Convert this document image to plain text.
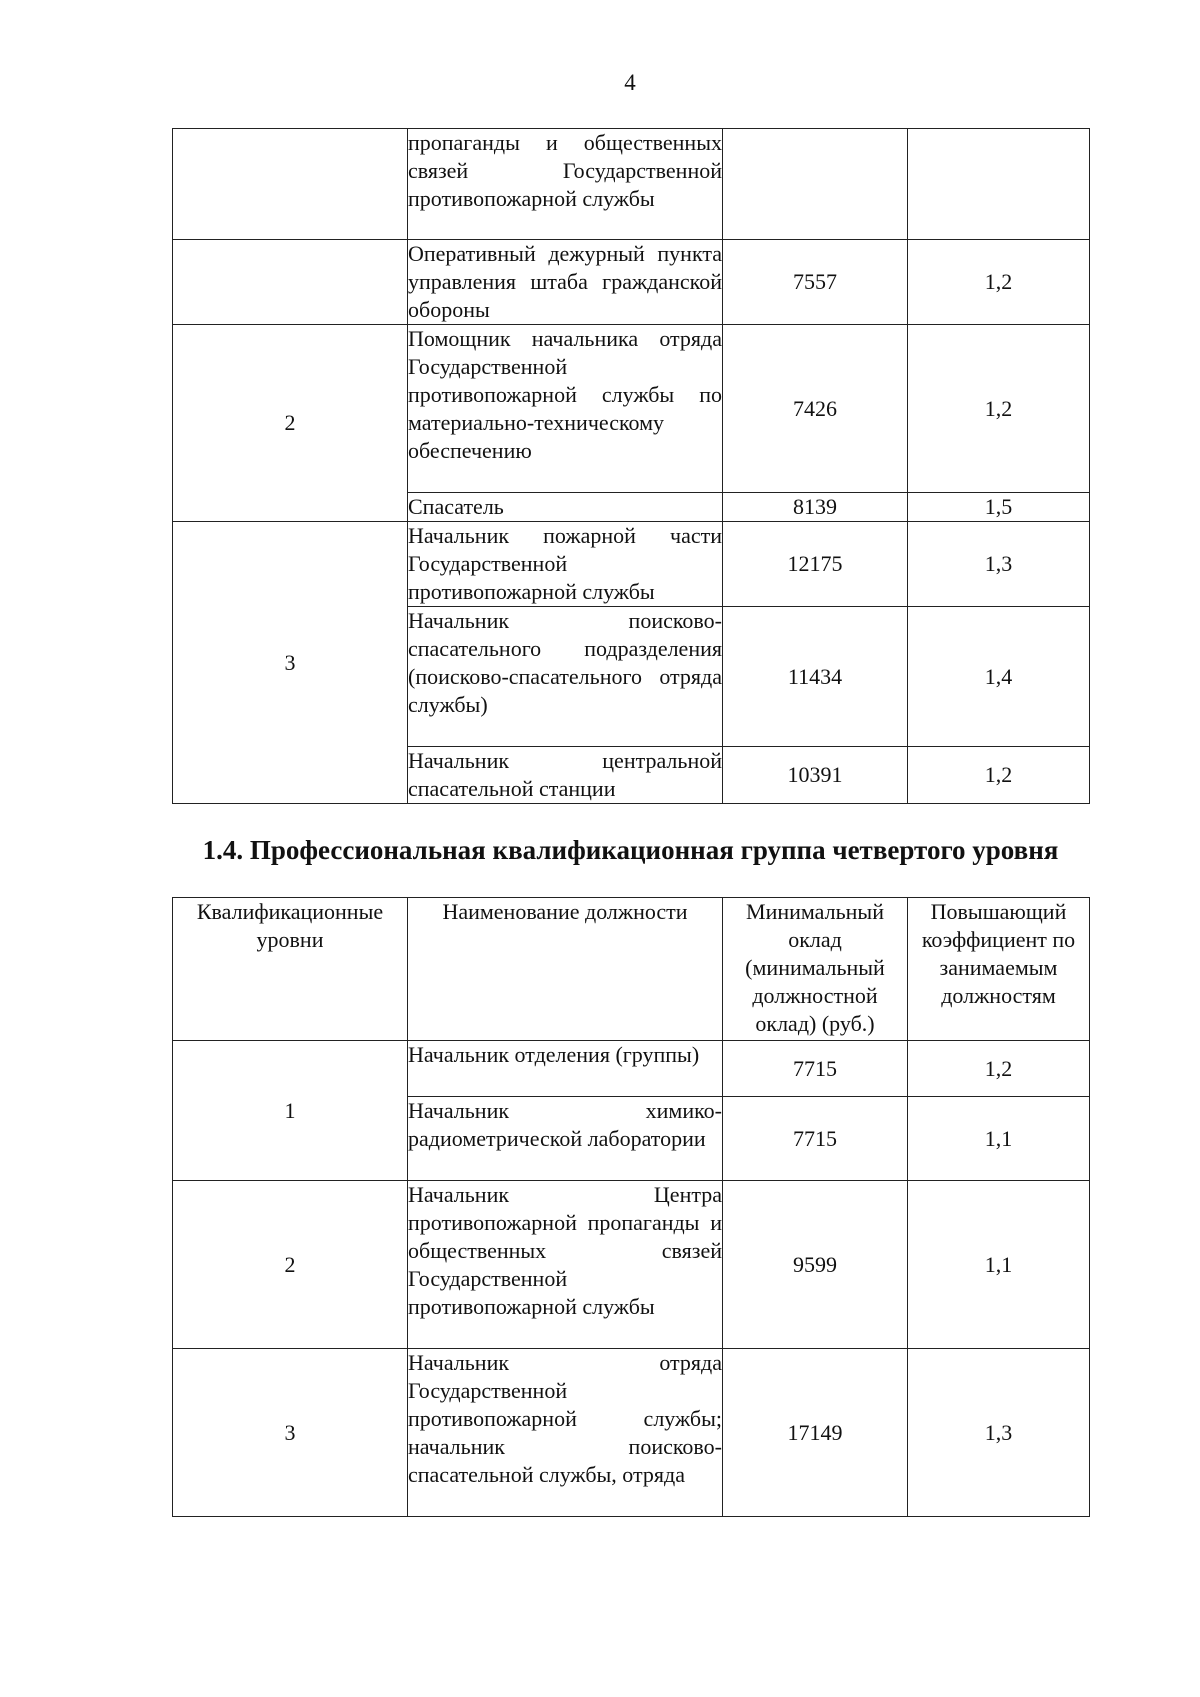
4
	пропаганды и общественных связей Государственной противопожарной службы		
	Оперативный дежурный пункта управления штаба гражданской обороны	7557	1,2
2	Помощник начальника отряда Государственной противопожарной службы по материально-техническому обеспечению	7426	1,2
	Спасатель	8139	1,5
3	Начальник пожарной части Государственной противопожарной службы	12175	1,3
	Начальник поисково-спасательного подразделения (поисково-спасательного отряда службы)	11434	1,4
	Начальник центральной спасательной станции	10391	1,2
1.4. Профессиональная квалификационная группа четвертого уровня
Квалификационные уровни	Наименование должности	Минимальный оклад (минимальный должностной оклад) (руб.)	Повышающий коэффициент по занимаемым должностям
1	Начальник отделения (группы)	7715	1,2
	Начальник химико-радиометрической лаборатории	7715	1,1
2	Начальник Центра противопожарной пропаганды и общественных связей Государственной противопожарной службы	9599	1,1
3	Начальник отряда Государственной противопожарной службы; начальник поисково-спасательной службы, отряда	17149	1,3
